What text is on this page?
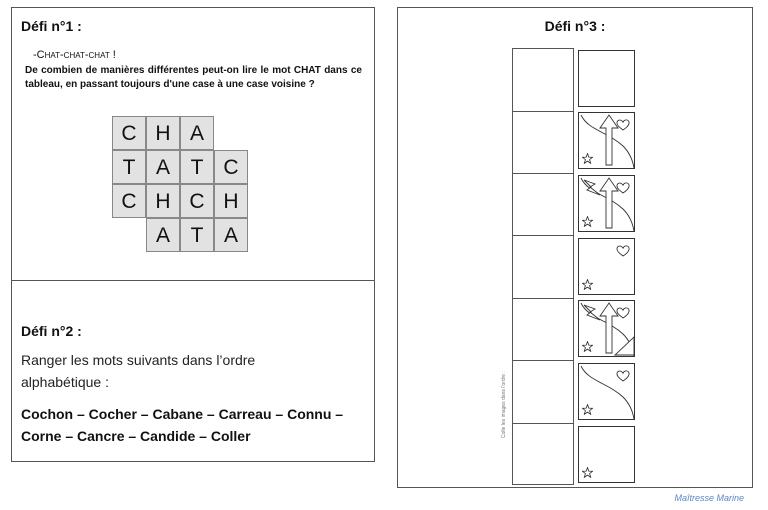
Défi n°1 :
-Chat-chat-chat !
De combien de manières différentes peut-on lire le mot CHAT dans ce tableau, en passant toujours d'une case à une case voisine ?
C H A
T A T C
C H C H
A T A
Défi n°2 :
Ranger les mots suivants dans l’ordre alphabétique :
Cochon – Cocher – Cabane – Carreau – Connu – Corne – Cancre – Candide – Coller
Défi n°3 :
Colle les images dans l'ordre :
Maîtresse Marine
